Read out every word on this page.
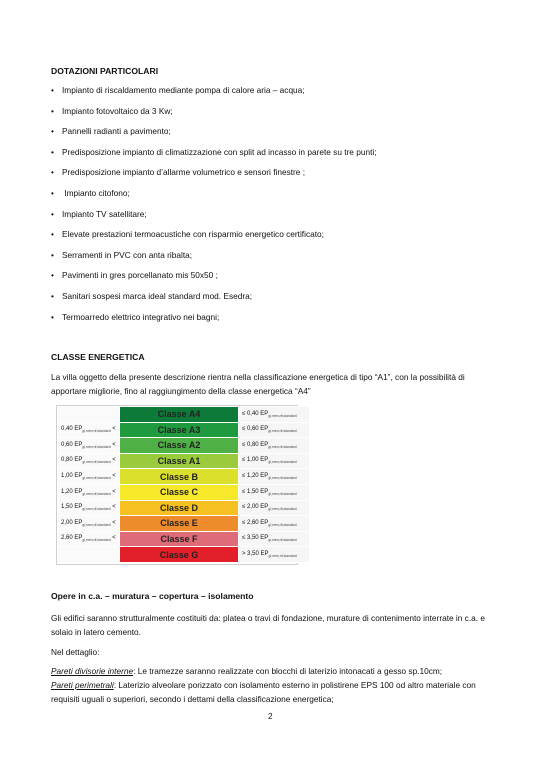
DOTAZIONI PARTICOLARI
• Impianto di riscaldamento mediante pompa di calore aria – acqua;
• Impianto fotovoltaico da 3 Kw;
• Pannelli radianti a pavimento;
• Predisposizione impianto di climatizzazione con split ad incasso in parete su tre punti;
• Predisposizione impianto d’allarme volumetrico e sensori finestre ;
• Impianto citofono;
• Impianto TV satellitare;
• Elevate prestazioni termoacustiche con risparmio energetico certificato;
• Serramenti in PVC con anta ribalta;
• Pavimenti in gres porcellanato mis 50x50 ;
• Sanitari sospesi marca ideal standard mod. Esedra;
• Termoarredo elettrico integrativo nei bagni;
CLASSE ENERGETICA
La villa oggetto della presente descrizione rientra nella classificazione energetica di tipo “A1”, con la possibilità di apportare migliorie, fino al raggiungimento della classe energetica “A4”
	Classe A4	≤ 0,40 $EP_{gl,nren,rif,standard}$
0,40 $EP_{gl,nren,rif,standard}$ <	Classe A3	≤ 0,60 $EP_{gl,nren,rif,standard}$
0,60 $EP_{gl,nren,rif,standard}$ <	Classe A2	≤ 0,80 $EP_{gl,nren,rif,standard}$
0,80 $EP_{gl,nren,rif,standard}$ <	Classe A1	≤ 1,00 $EP_{gl,nren,rif,standard}$
1,00 $EP_{gl,nren,rif,standard}$ <	Classe B	≤ 1,20 $EP_{gl,nren,rif,standard}$
1,20 $EP_{gl,nren,rif,standard}$ <	Classe C	≤ 1,50 $EP_{gl,nren,rif,standard}$
1,50 $EP_{gl,nren,rif,standard}$ <	Classe D	≤ 2,00 $EP_{gl,nren,rif,standard}$
2,00 $EP_{gl,nren,rif,standard}$ <	Classe E	≤ 2,60 $EP_{gl,nren,rif,standard}$
2,60 $EP_{gl,nren,rif,standard}$ <	Classe F	≤ 3,50 $EP_{gl,nren,rif,standard}$
	Classe G	> 3,50 $EP_{gl,nren,rif,standard}$
Opere in c.a. – muratura – copertura – isolamento
Gli edifici saranno strutturalmente costituiti da: platea o travi di fondazione, murature di contenimento interrate in c.a. e solaio in latero cemento.
Nel dettaglio:
Pareti divisorie interne: Le tramezze saranno realizzate con blocchi di laterizio intonacati a gesso sp.10cm;
Pareti perimetrali: Laterizio alveolare porizzato con isolamento esterno in polistirene EPS 100 od altro materiale con requisiti uguali o superiori, secondo i dettami della classificazione energetica;
2
